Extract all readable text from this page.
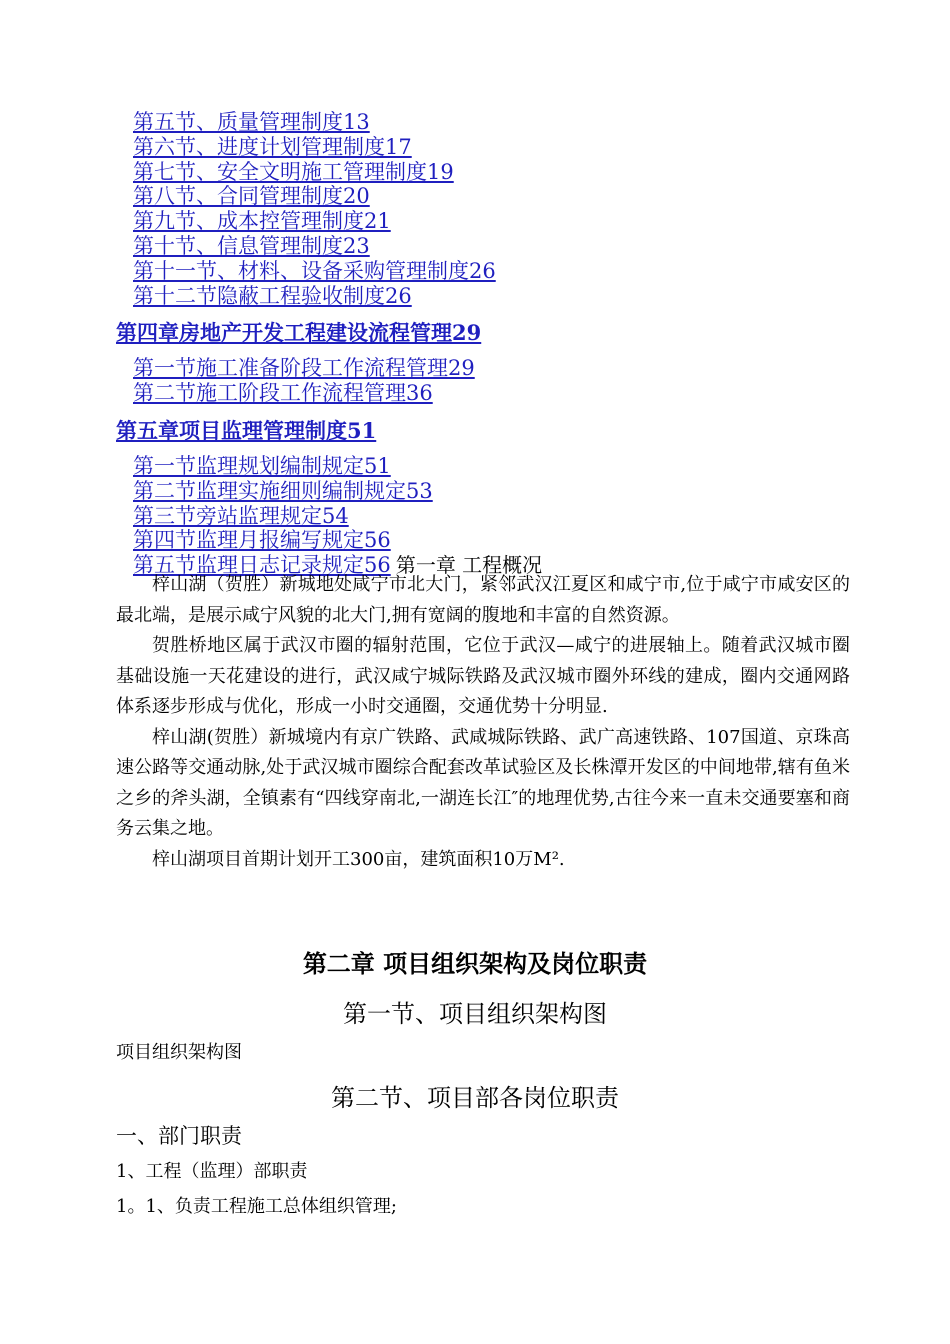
第五节、质量管理制度13
第六节、进度计划管理制度17
第七节、安全文明施工管理制度19
第八节、合同管理制度20
第九节、成本控管理制度21
第十节、信息管理制度23
第十一节、材料、设备采购管理制度26
第十二节隐蔽工程验收制度26
第四章房地产开发工程建设流程管理29
第一节施工准备阶段工作流程管理29
第二节施工阶段工作流程管理36
第五章项目监理管理制度51
第一节监理规划编制规定51
第二节监理实施细则编制规定53
第三节旁站监理规定54
第四节监理月报编写规定56
第五节监理日志记录规定56 第一章 工程概况

梓山湖（贺胜）新城地处咸宁市北大门，紧邻武汉江夏区和咸宁市,位于咸宁市咸安区的最北端，是展示咸宁风貌的北大门,拥有宽阔的腹地和丰富的自然资源。

贺胜桥地区属于武汉市圈的辐射范围，它位于武汉—咸宁的进展轴上。随着武汉城市圈基础设施一天花建设的进行，武汉咸宁城际铁路及武汉城市圈外环线的建成，圈内交通网路体系逐步形成与优化，形成一小时交通圈，交通优势十分明显.

梓山湖(贺胜）新城境内有京广铁路、武咸城际铁路、武广高速铁路、107国道、京珠高速公路等交通动脉,处于武汉城市圈综合配套改革试验区及长株潭开发区的中间地带,辖有鱼米之乡的斧头湖，全镇素有“四线穿南北,一湖连长江″的地理优势,古往今来一直未交通要塞和商务云集之地。

梓山湖项目首期计划开工300亩，建筑面积10万M².

第二章 项目组织架构及岗位职责
第一节、项目组织架构图
项目组织架构图
第二节、项目部各岗位职责
一、部门职责
1、工程（监理）部职责
1。1、负责工程施工总体组织管理;
